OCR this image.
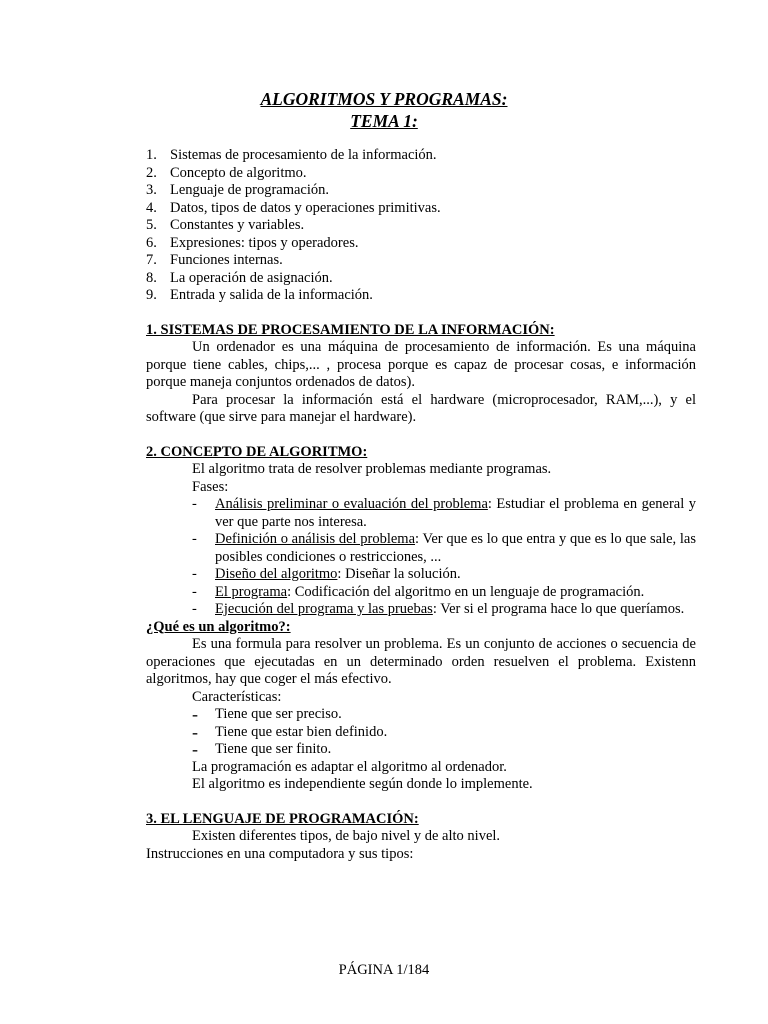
ALGORITMOS Y PROGRAMAS:
TEMA 1:
1. Sistemas de procesamiento de la información.
2. Concepto de algoritmo.
3. Lenguaje de programación.
4. Datos, tipos de datos y operaciones primitivas.
5. Constantes y variables.
6. Expresiones: tipos y operadores.
7. Funciones internas.
8. La operación de asignación.
9. Entrada y salida de la información.
1. SISTEMAS DE PROCESAMIENTO DE LA INFORMACIÓN:

Un ordenador es una máquina de procesamiento de información. Es una máquina porque tiene cables, chips,... , procesa porque es capaz de procesar cosas, e información porque maneja conjuntos ordenados de datos).

Para procesar la información está el hardware (microprocesador, RAM,...), y el software (que sirve para manejar el hardware).

2. CONCEPTO DE ALGORITMO:
El algoritmo trata de resolver problemas mediante programas.
Fases:
-	Análisis preliminar o evaluación del problema: Estudiar el problema en general y ver que parte nos interesa.
-	Definición o análisis del problema: Ver que es lo que entra y que es lo que sale, las posibles condiciones o restricciones, ...
-	Diseño del algoritmo: Diseñar la solución.
-	El programa: Codificación del algoritmo en un lenguaje de programación.
-	Ejecución del programa y las pruebas: Ver si el programa hace lo que queríamos.
¿Qué es un algoritmo?:

Es una formula para resolver un problema. Es un conjunto de acciones o secuencia de operaciones que ejecutadas en un determinado orden resuelven el problema. Existenn algoritmos, hay que coger el más efectivo.

Características:
-	Tiene que ser preciso.
-	Tiene que estar bien definido.
-	Tiene que ser finito.
La programación es adaptar el algoritmo al ordenador.
El algoritmo es independiente según donde lo implemente.
3. EL LENGUAJE DE PROGRAMACIÓN:
Existen diferentes tipos, de bajo nivel y de alto nivel.
Instrucciones en una computadora y sus tipos:
PÁGINA 1/184
